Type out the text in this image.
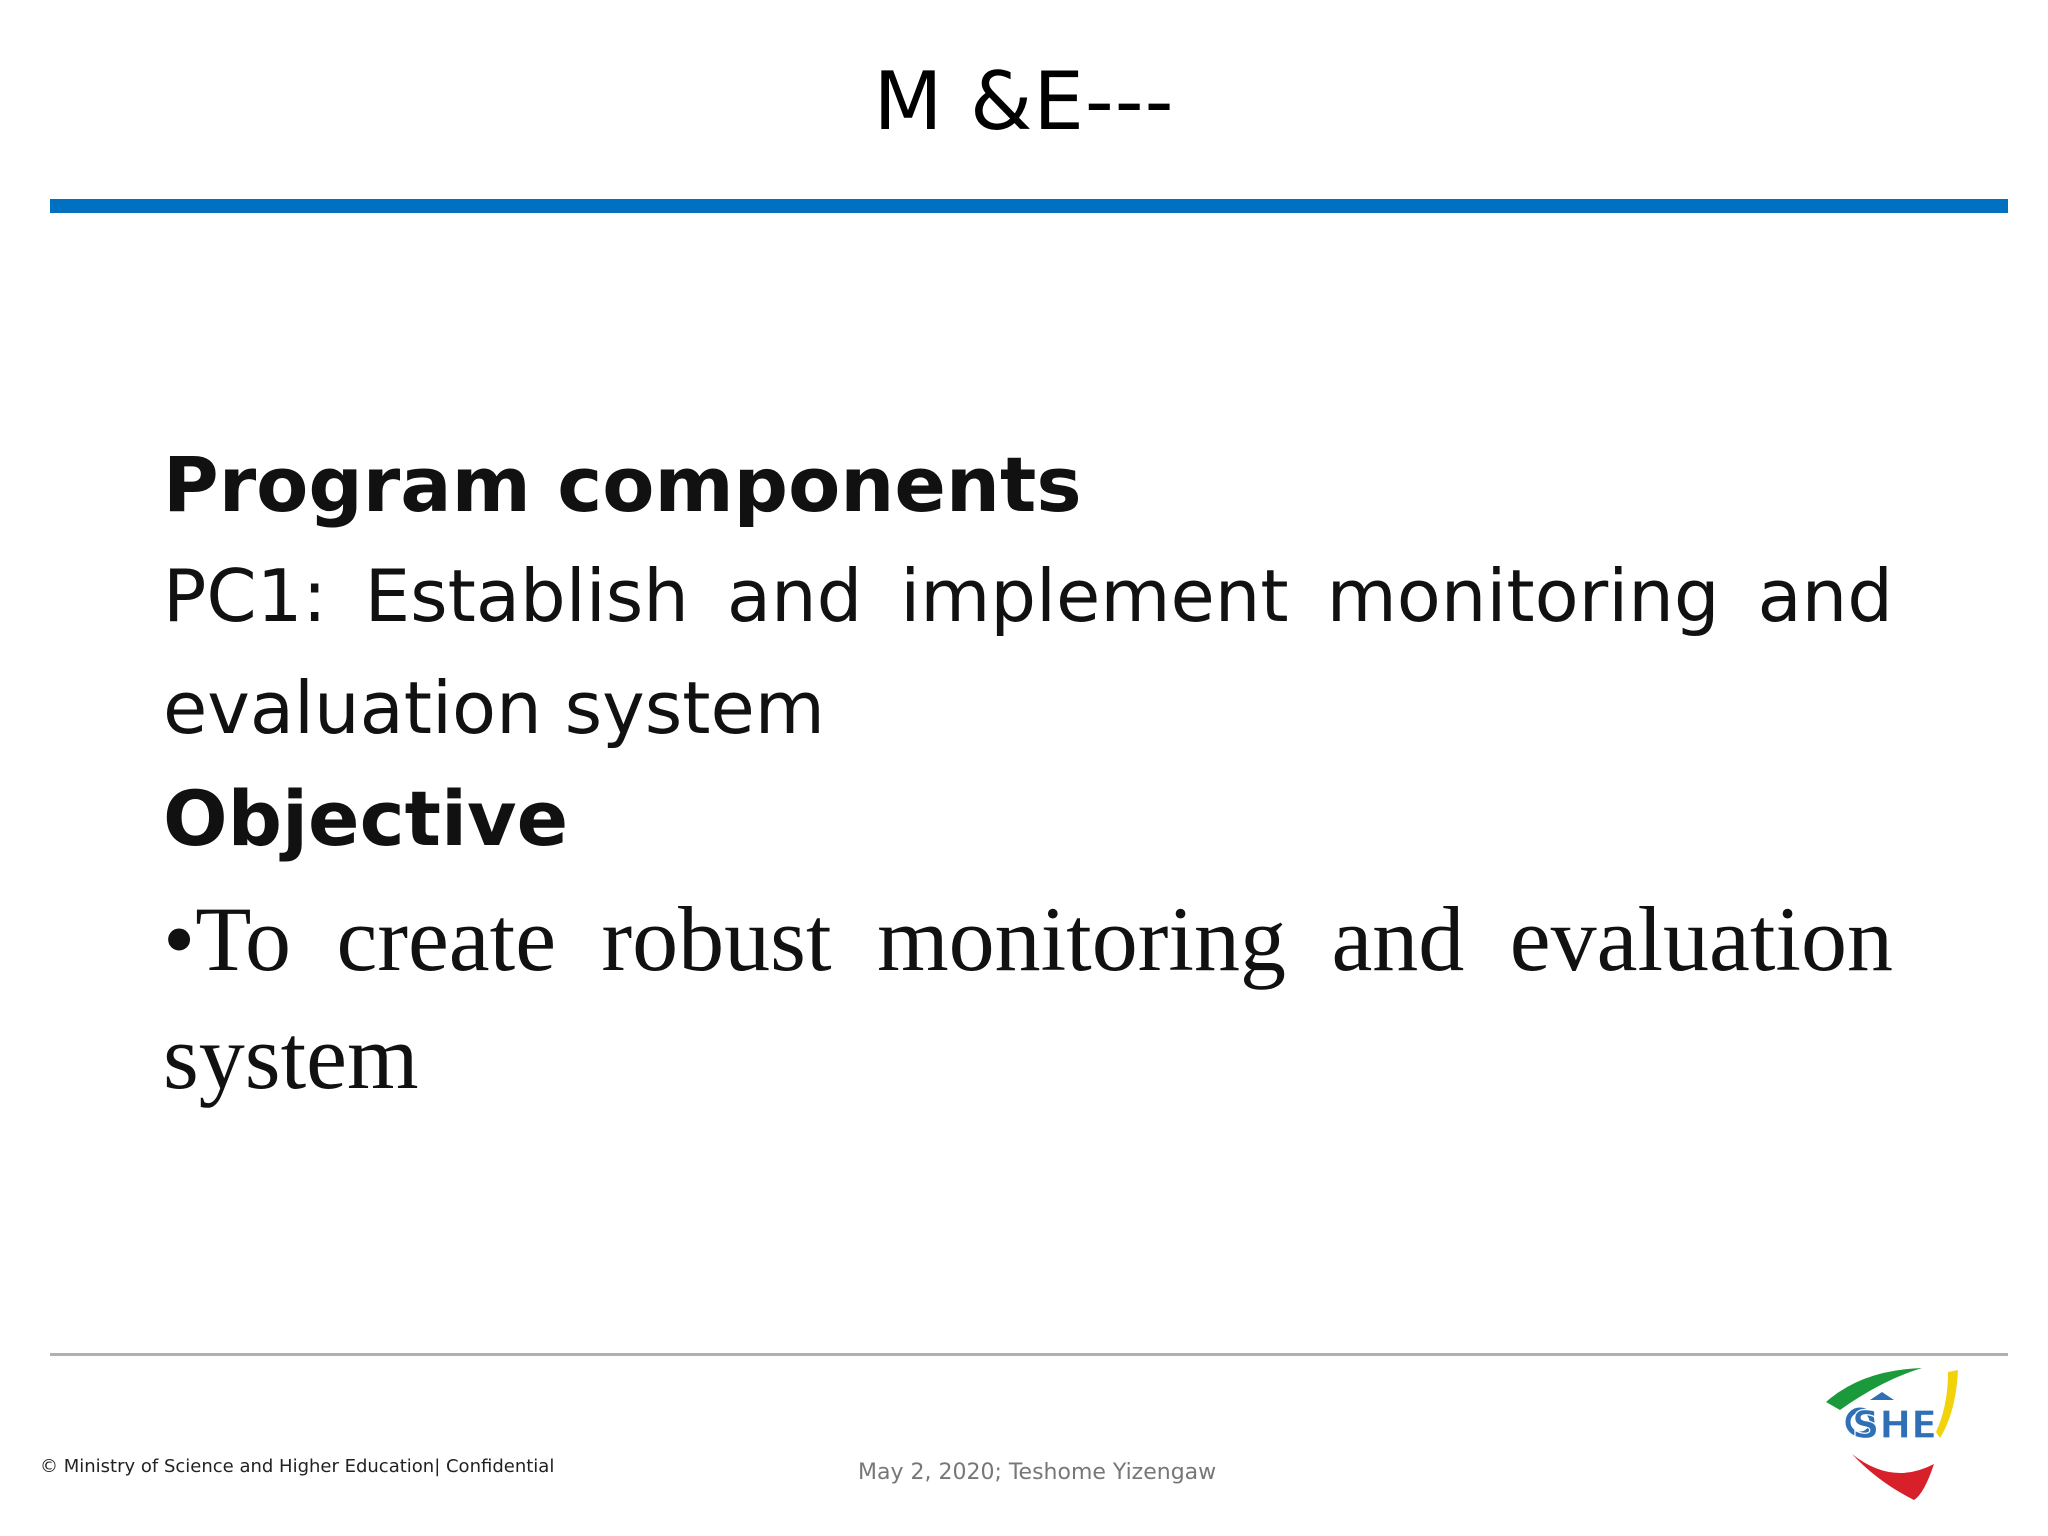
M &E---

Program components

PC1: Establish and implement monitoring and evaluation system

Objective

•To create robust monitoring and evaluation system

© Ministry of Science and Higher Education| Confidential	May 2, 2020; Teshome Yizengaw
SHE
